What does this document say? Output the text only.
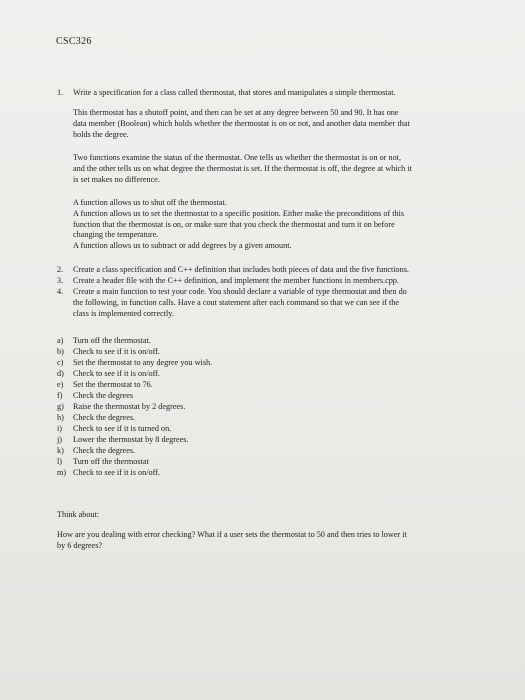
CSC326
1. Write a specification for a class called thermostat, that stores and manipulates a simple thermostat.
This thermostat has a shutoff point, and then can be set at any degree between 50 and 90. It has one
data member (Boolean) which holds whether the thermostat is on or not, and another data member that
holds the degree.
Two functions examine the status of the thermostat. One tells us whether the thermostat is on or not,
and the other tells us on what degree the thermostat is set. If the thermostat is off, the degree at which it
is set makes no difference.
A function allows us to shut off the thermostat.
A function allows us to set the thermostat to a specific position. Either make the preconditions of this
function that the thermostat is on, or make sure that you check the thermostat and turn it on before
changing the temperature.
A function allows us to subtract or add degrees by a given amount.
2. Create a class specification and C++ definition that includes both pieces of data and the five functions.
3. Create a header file with the C++ definition, and implement the member functions in members.cpp.
4. Create a main function to test your code. You should declare a variable of type thermostat and then do
the following, in function calls. Have a cout statement after each command so that we can see if the
class is implemented correctly.
a)	Turn off the thermostat.
b)	Check to see if it is on/off.
c)	Set the thermostat to any degree you wish.
d)	Check to see if it is on/off.
e)	Set the thermostat to 76.
f)	Check the degrees
g)	Raise the thermostat by 2 degrees.
h)	Check the degrees.
i)	Check to see if it is turned on.
j)	Lower the thermostat by 8 degrees.
k)	Check the degrees.
l)	Turn off the thermostat
m) Check to see if it is on/off.
Think about:
How are you dealing with error checking? What if a user sets the thermostat to 50 and then tries to lower it
by 6 degrees?
